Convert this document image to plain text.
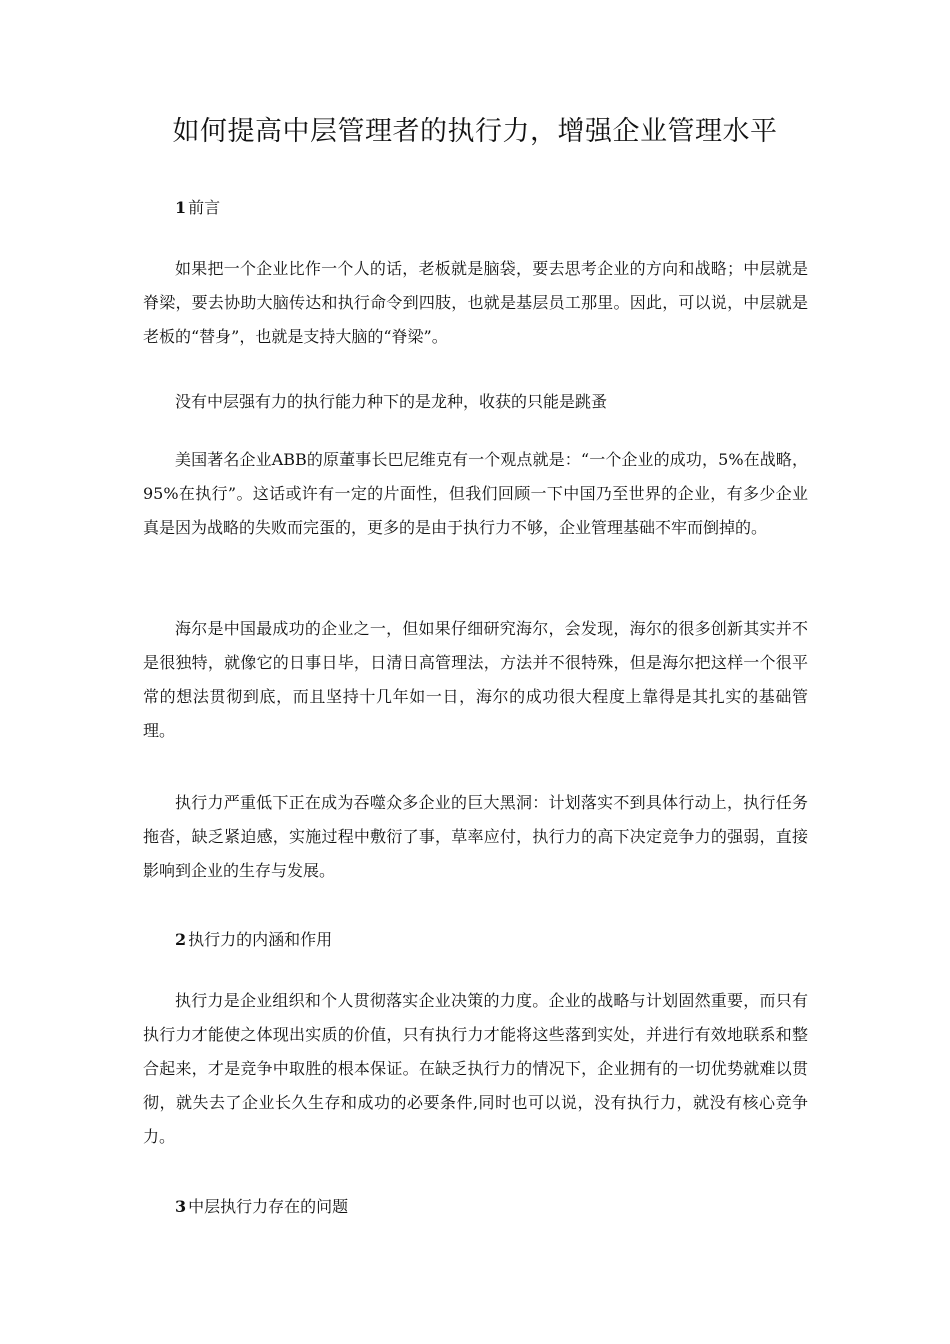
如何提高中层管理者的执行力，增强企业管理水平
1 前言

如果把一个企业比作一个人的话，老板就是脑袋，要去思考企业的方向和战略；中层就是脊梁，要去协助大脑传达和执行命令到四肢，也就是基层员工那里。因此，可以说，中层就是老板的“替身”，也就是支持大脑的“脊梁”。

没有中层强有力的执行能力种下的是龙种，收获的只能是跳蚤

美国著名企业ABB的原董事长巴尼维克有一个观点就是：“一个企业的成功，5%在战略，95%在执行”。这话或许有一定的片面性，但我们回顾一下中国乃至世界的企业，有多少企业真是因为战略的失败而完蛋的，更多的是由于执行力不够，企业管理基础不牢而倒掉的。

海尔是中国最成功的企业之一，但如果仔细研究海尔，会发现，海尔的很多创新其实并不是很独特，就像它的日事日毕，日清日高管理法，方法并不很特殊，但是海尔把这样一个很平常的想法贯彻到底，而且坚持十几年如一日，海尔的成功很大程度上靠得是其扎实的基础管理。

执行力严重低下正在成为吞噬众多企业的巨大黑洞：计划落实不到具体行动上，执行任务拖沓，缺乏紧迫感，实施过程中敷衍了事，草率应付，执行力的高下决定竞争力的强弱，直接影响到企业的生存与发展。

2 执行力的内涵和作用

执行力是企业组织和个人贯彻落实企业决策的力度。企业的战略与计划固然重要，而只有执行力才能使之体现出实质的价值，只有执行力才能将这些落到实处，并进行有效地联系和整合起来，才是竞争中取胜的根本保证。在缺乏执行力的情况下，企业拥有的一切优势就难以贯彻，就失去了企业长久生存和成功的必要条件,同时也可以说，没有执行力，就没有核心竞争力。

3 中层执行力存在的问题
